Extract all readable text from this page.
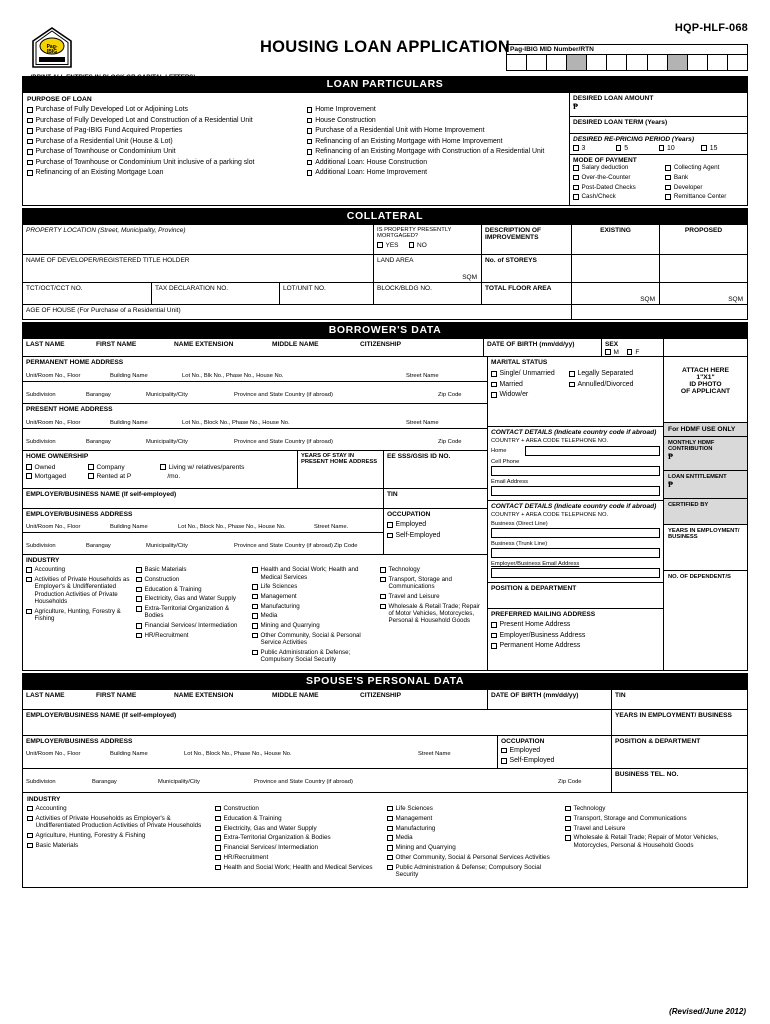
Pag-
IBIG
HQP-HLF-068
HOUSING LOAN APPLICATION
(PRINT ALL ENTRIES IN BLOCK OR CAPITAL LETTERS)
Pag-IBIG MID Number/RTN
LOAN PARTICULARS
PURPOSE OF LOAN
Purchase of Fully Developed Lot or Adjoining Lots
Purchase of Fully Developed Lot and Construction of a Residential Unit
Purchase of Pag-IBIG Fund Acquired Properties
Purchase of a Residential Unit (House & Lot)
Purchase of Townhouse or Condominium Unit
Purchase of Townhouse or Condominium Unit inclusive of a parking slot
Refinancing of an Existing Mortgage Loan
Home Improvement
House Construction
Purchase of a Residential Unit with Home Improvement
Refinancing of an Existing Mortgage with Home Improvement
Refinancing of an Existing Mortgage with Construction of a Residential Unit
Additional Loan: House Construction
Additional Loan: Home Improvement
DESIRED LOAN AMOUNT
₱
DESIRED LOAN TERM (Years)
DESIRED RE-PRICING PERIOD (Years)
3	5	10	15
MODE OF PAYMENT
Salary deduction
Over-the-Counter
Post-Dated Checks
Cash/Check
Collecting Agent
Bank
Developer
Remittance Center
COLLATERAL
PROPERTY LOCATION (Street, Municipality, Province)	IS PROPERTY PRESENTLY MORTGAGED?
YES	NO
DESCRIPTION OF IMPROVEMENTS
EXISTING	PROPOSED
NAME OF DEVELOPER/REGISTERED TITLE HOLDER	LAND AREA
SQM
No. of STOREYS
TCT/OCT/CCT NO.	TAX DECLARATION NO.	LOT/UNIT NO.	BLOCK/BLDG NO.	TOTAL FLOOR AREA
SQM	SQM
AGE OF HOUSE (For Purchase of a Residential Unit)
BORROWER'S DATA
LAST NAME	FIRST NAME	NAME EXTENSION	MIDDLE NAME	CITIZENSHIP	DATE OF BIRTH (mm/dd/yy)	SEX
M	F
PERMANENT HOME ADDRESS
Unit/Room No., Floor	Building Name	Lot No., Blk No., Phase No., House No.	Street Name
Subdivision	Barangay	Municipality/City	Province and State Country (if abroad)	Zip Code
PRESENT HOME ADDRESS
Unit/Room No., Floor	Building Name	Lot No., Block No., Phase No., House No.	Street Name
Subdivision	Barangay	Municipality/City	Province and State Country (if abroad)	Zip Code
HOME OWNERSHIP
Owned	Company	Living w/ relatives/parents
Mortgaged	Rented at P	/mo.
YEARS OF STAY IN PRESENT HOME ADDRESS
EE SSS/GSIS ID NO.
EMPLOYER/BUSINESS NAME (If self-employed)	TIN
EMPLOYER/BUSINESS ADDRESS
Unit/Room No., Floor	Building Name	Lot No., Block No., Phase No., House No.	Street Name.
Subdivision	Barangay	Municipality/City	Province and State Country (if abroad) Zip Code
OCCUPATION
Employed
Self-Employed
INDUSTRY
Accounting
Activities of Private Households as Employer's & Undifferentiated Production Activities of Private Households
Agriculture, Hunting, Forestry & Fishing
Basic Materials
Construction
Education & Training
Electricity, Gas and Water Supply
Extra-Territorial Organization & Bodies
Financial Services/ Intermediation
HR/Recruitment
Health and Social Work; Health and Medical Services
Life Sciences
Management
Manufacturing
Media
Mining and Quarrying
Other Community, Social & Personal Service Activities
Public Administration & Defense; Compulsory Social Security
Technology
Transport, Storage and Communications
Travel and Leisure
Wholesale & Retail Trade; Repair of Motor Vehicles, Motorcycles, Personal & Household Goods
MARITAL STATUS
Single/ Unmarried
Married
Widow/er
Legally Separated
Annulled/Divorced
CONTACT DETAILS (Indicate country code if abroad)
COUNTRY + AREA CODE TELEPHONE NO.
Home
Cell Phone
Email Address
CONTACT DETAILS (Indicate country code if abroad)
COUNTRY + AREA CODE TELEPHONE NO.
Business (Direct Line)
Business (Trunk Line)
Employer/Business Email Address
POSITION & DEPARTMENT
PREFERRED MAILING ADDRESS
Present Home Address
Employer/Business Address
Permanent Home Address
ATTACH HERE
1"X1"
ID PHOTO
OF APPLICANT
For HDMF USE ONLY
MONTHLY HDMF CONTRIBUTION
₱
LOAN ENTITLEMENT
₱
CERTIFIED BY
YEARS IN EMPLOYMENT/ BUSINESS
NO. OF DEPENDENT/S
SPOUSE'S PERSONAL DATA
LAST NAME	FIRST NAME	NAME EXTENSION	MIDDLE NAME	CITIZENSHIP	DATE OF BIRTH (mm/dd/yy)	TIN
EMPLOYER/BUSINESS NAME (If self-employed)	YEARS IN EMPLOYMENT/ BUSINESS
EMPLOYER/BUSINESS ADDRESS
Unit/Room No., Floor	Building Name	Lot No., Block No., Phase No., House No.	Street Name
OCCUPATION
Employed
Self-Employed
POSITION & DEPARTMENT
Subdivision	Barangay	Municipality/City	Province and State Country (if abroad)	Zip Code
BUSINESS TEL. NO.
INDUSTRY
Accounting
Activities of Private Households as Employer's & Undifferentiated Production Activities of Private Households
Agriculture, Hunting, Forestry & Fishing
Basic Materials
Construction
Education & Training
Electricity, Gas and Water Supply
Extra-Territorial Organization & Bodies
Financial Services/ Intermediation
HR/Recruitment
Health and Social Work; Health and Medical Services
Life Sciences
Management
Manufacturing
Media
Mining and Quarrying
Other Community, Social & Personal Services Activities
Public Administration & Defense; Compulsory Social Security
Technology
Transport, Storage and Communications
Travel and Leisure
Wholesale & Retail Trade; Repair of Motor Vehicles, Motorcycles, Personal & Household Goods
(Revised/June 2012)
